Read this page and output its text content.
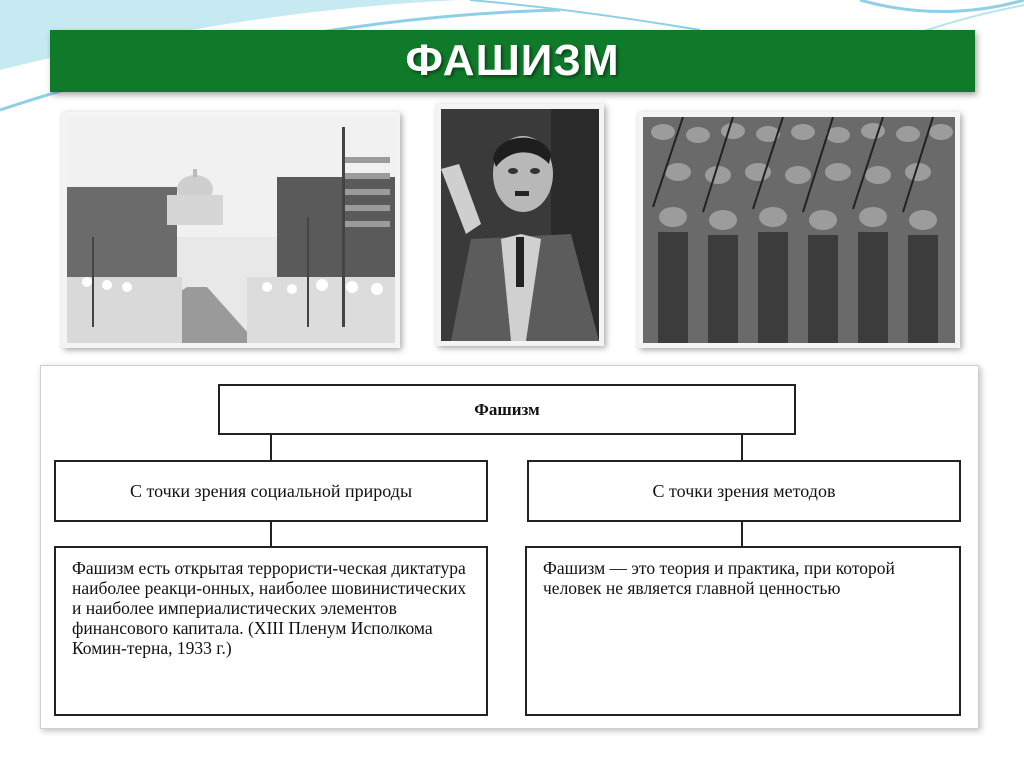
ФАШИЗМ
Фашизм
С точки зрения социальной природы	С точки зрения методов
Фашизм есть открытая террористи-ческая диктатура наиболее реакци-онных, наиболее шовинистических и наиболее империалистических элементов финансового капитала. (XIII Пленум Исполкома Комин-терна, 1933 г.)
Фашизм — это теория и практика, при которой человек не является главной ценностью
